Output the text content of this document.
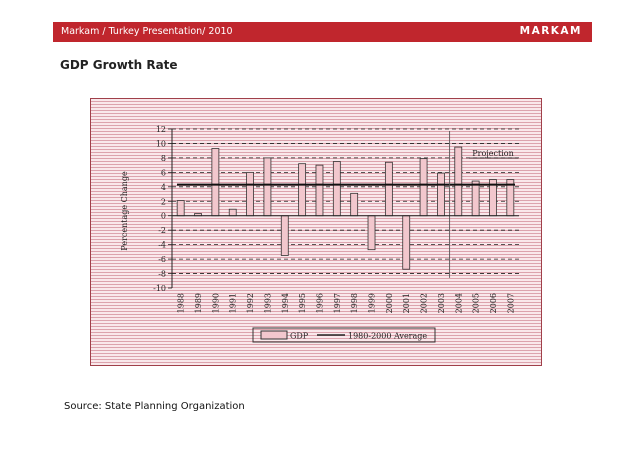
Markam / Turkey Presentation/ 2010	MARKAM
GDP Growth Rate
12
10
8
6
4
2
0
-2
-4
-6
-8
-10
1988 1989 1990 1991 1992 1993 1994 1995 1996 1997 1998 1999 2000 2001 2002 2003 2004 2005 2006 2007
Percentage Change
Projection
GDP	1980-2000 Average
Source: State Planning Organization
